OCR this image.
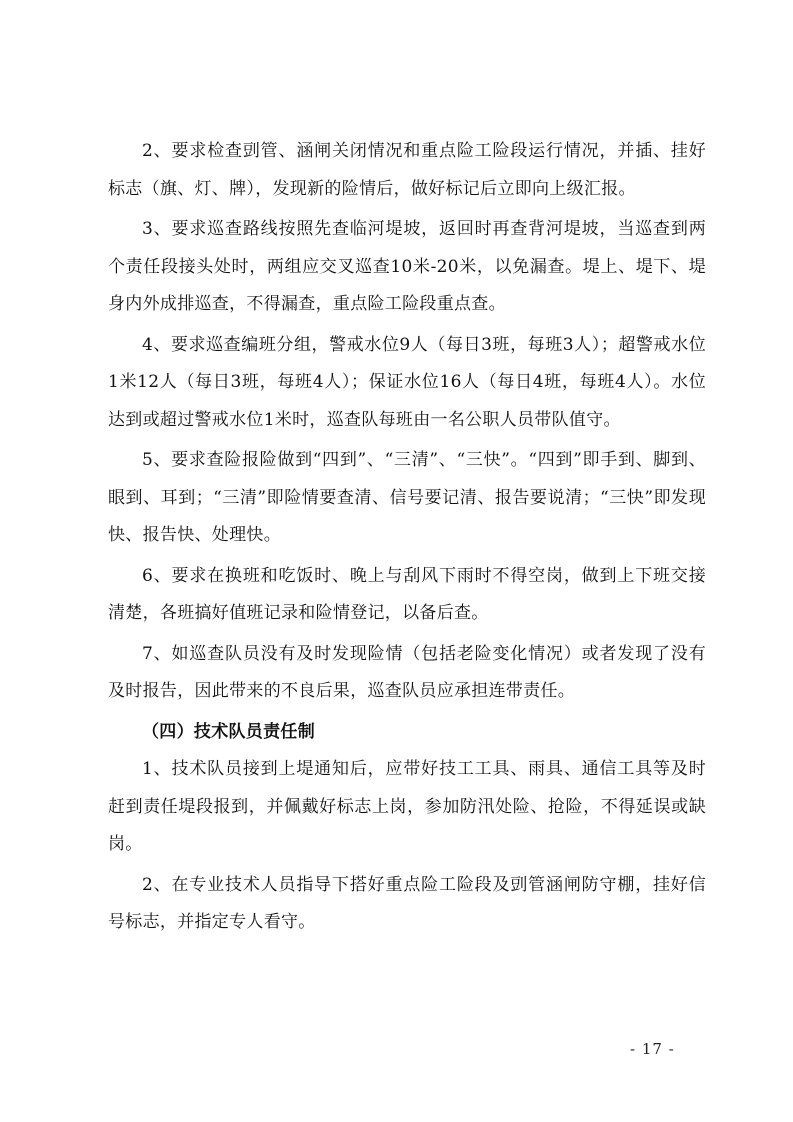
2、要求检查剅管、涵闸关闭情况和重点险工险段运行情况，并插、挂好标志（旗、灯、牌），发现新的险情后，做好标记后立即向上级汇报。

3、要求巡查路线按照先查临河堤坡，返回时再查背河堤坡，当巡查到两个责任段接头处时，两组应交叉巡查10米-20米，以免漏查。堤上、堤下、堤身内外成排巡查，不得漏查，重点险工险段重点查。

4、要求巡查编班分组，警戒水位9人（每日3班，每班3人）；超警戒水位1米12人（每日3班，每班4人）；保证水位16人（每日4班，每班4人）。水位达到或超过警戒水位1米时，巡查队每班由一名公职人员带队值守。

5、要求查险报险做到“四到”、“三清”、“三快”。“四到”即手到、脚到、眼到、耳到；“三清”即险情要查清、信号要记清、报告要说清；“三快”即发现快、报告快、处理快。

6、要求在换班和吃饭时、晚上与刮风下雨时不得空岗，做到上下班交接清楚，各班搞好值班记录和险情登记，以备后查。

7、如巡查队员没有及时发现险情（包括老险变化情况）或者发现了没有及时报告，因此带来的不良后果，巡查队员应承担连带责任。

（四）技术队员责任制

1、技术队员接到上堤通知后，应带好技工工具、雨具、通信工具等及时赶到责任堤段报到，并佩戴好标志上岗，参加防汛处险、抢险，不得延误或缺岗。

2、在专业技术人员指导下搭好重点险工险段及剅管涵闸防守棚，挂好信号标志，并指定专人看守。

- 17 -
